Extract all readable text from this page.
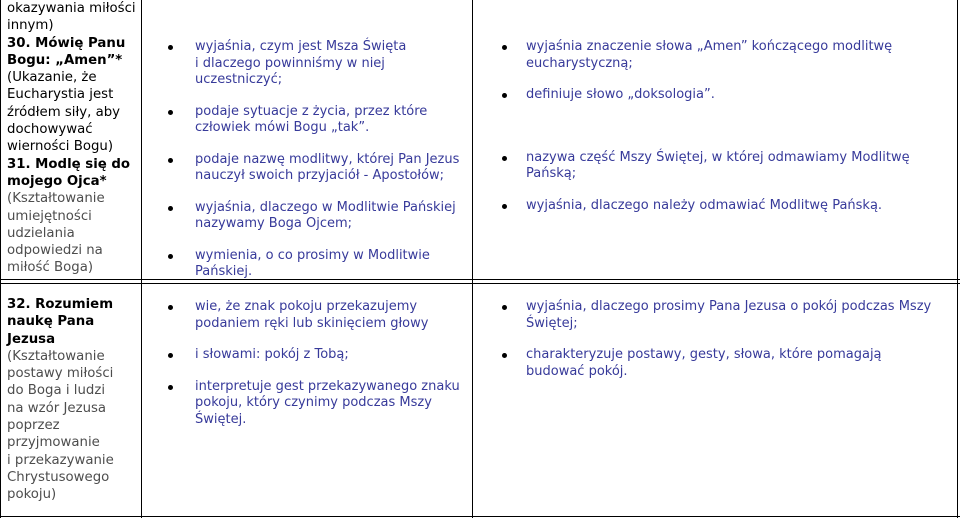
okazywania miłości
innym)
30. Mówię Panu
Bogu: „Amen”*
(Ukazanie, że
Eucharystia jest
źródłem siły, aby
dochowywać
wierności Bogu)
31. Modlę się do
mojego Ojca*
(Kształtowanie
umiejętności
udzielania
odpowiedzi na
miłość Boga)
wyjaśnia, czym jest Msza Święta
i dlaczego powinniśmy w niej
uczestniczyć;
podaje sytuacje z życia, przez które
człowiek mówi Bogu „tak”.
podaje nazwę modlitwy, której Pan Jezus
nauczył swoich przyjaciół - Apostołów;
wyjaśnia, dlaczego w Modlitwie Pańskiej
nazywamy Boga Ojcem;
wymienia, o co prosimy w Modlitwie
Pańskiej.
wyjaśnia znaczenie słowa „Amen” kończącego modlitwę
eucharystyczną;
definiuje słowo „doksologia”.
nazywa część Mszy Świętej, w której odmawiamy Modlitwę
Pańską;
wyjaśnia, dlaczego należy odmawiać Modlitwę Pańską.
32. Rozumiem
naukę Pana
Jezusa
(Kształtowanie
postawy miłości
do Boga i ludzi
na wzór Jezusa
poprzez
przyjmowanie
i przekazywanie
Chrystusowego
pokoju)
wie, że znak pokoju przekazujemy
podaniem ręki lub skinięciem głowy
i słowami: pokój z Tobą;
interpretuje gest przekazywanego znaku
pokoju, który czynimy podczas Mszy
Świętej.
wyjaśnia, dlaczego prosimy Pana Jezusa o pokój podczas Mszy
Świętej;
charakteryzuje postawy, gesty, słowa, które pomagają
budować pokój.
